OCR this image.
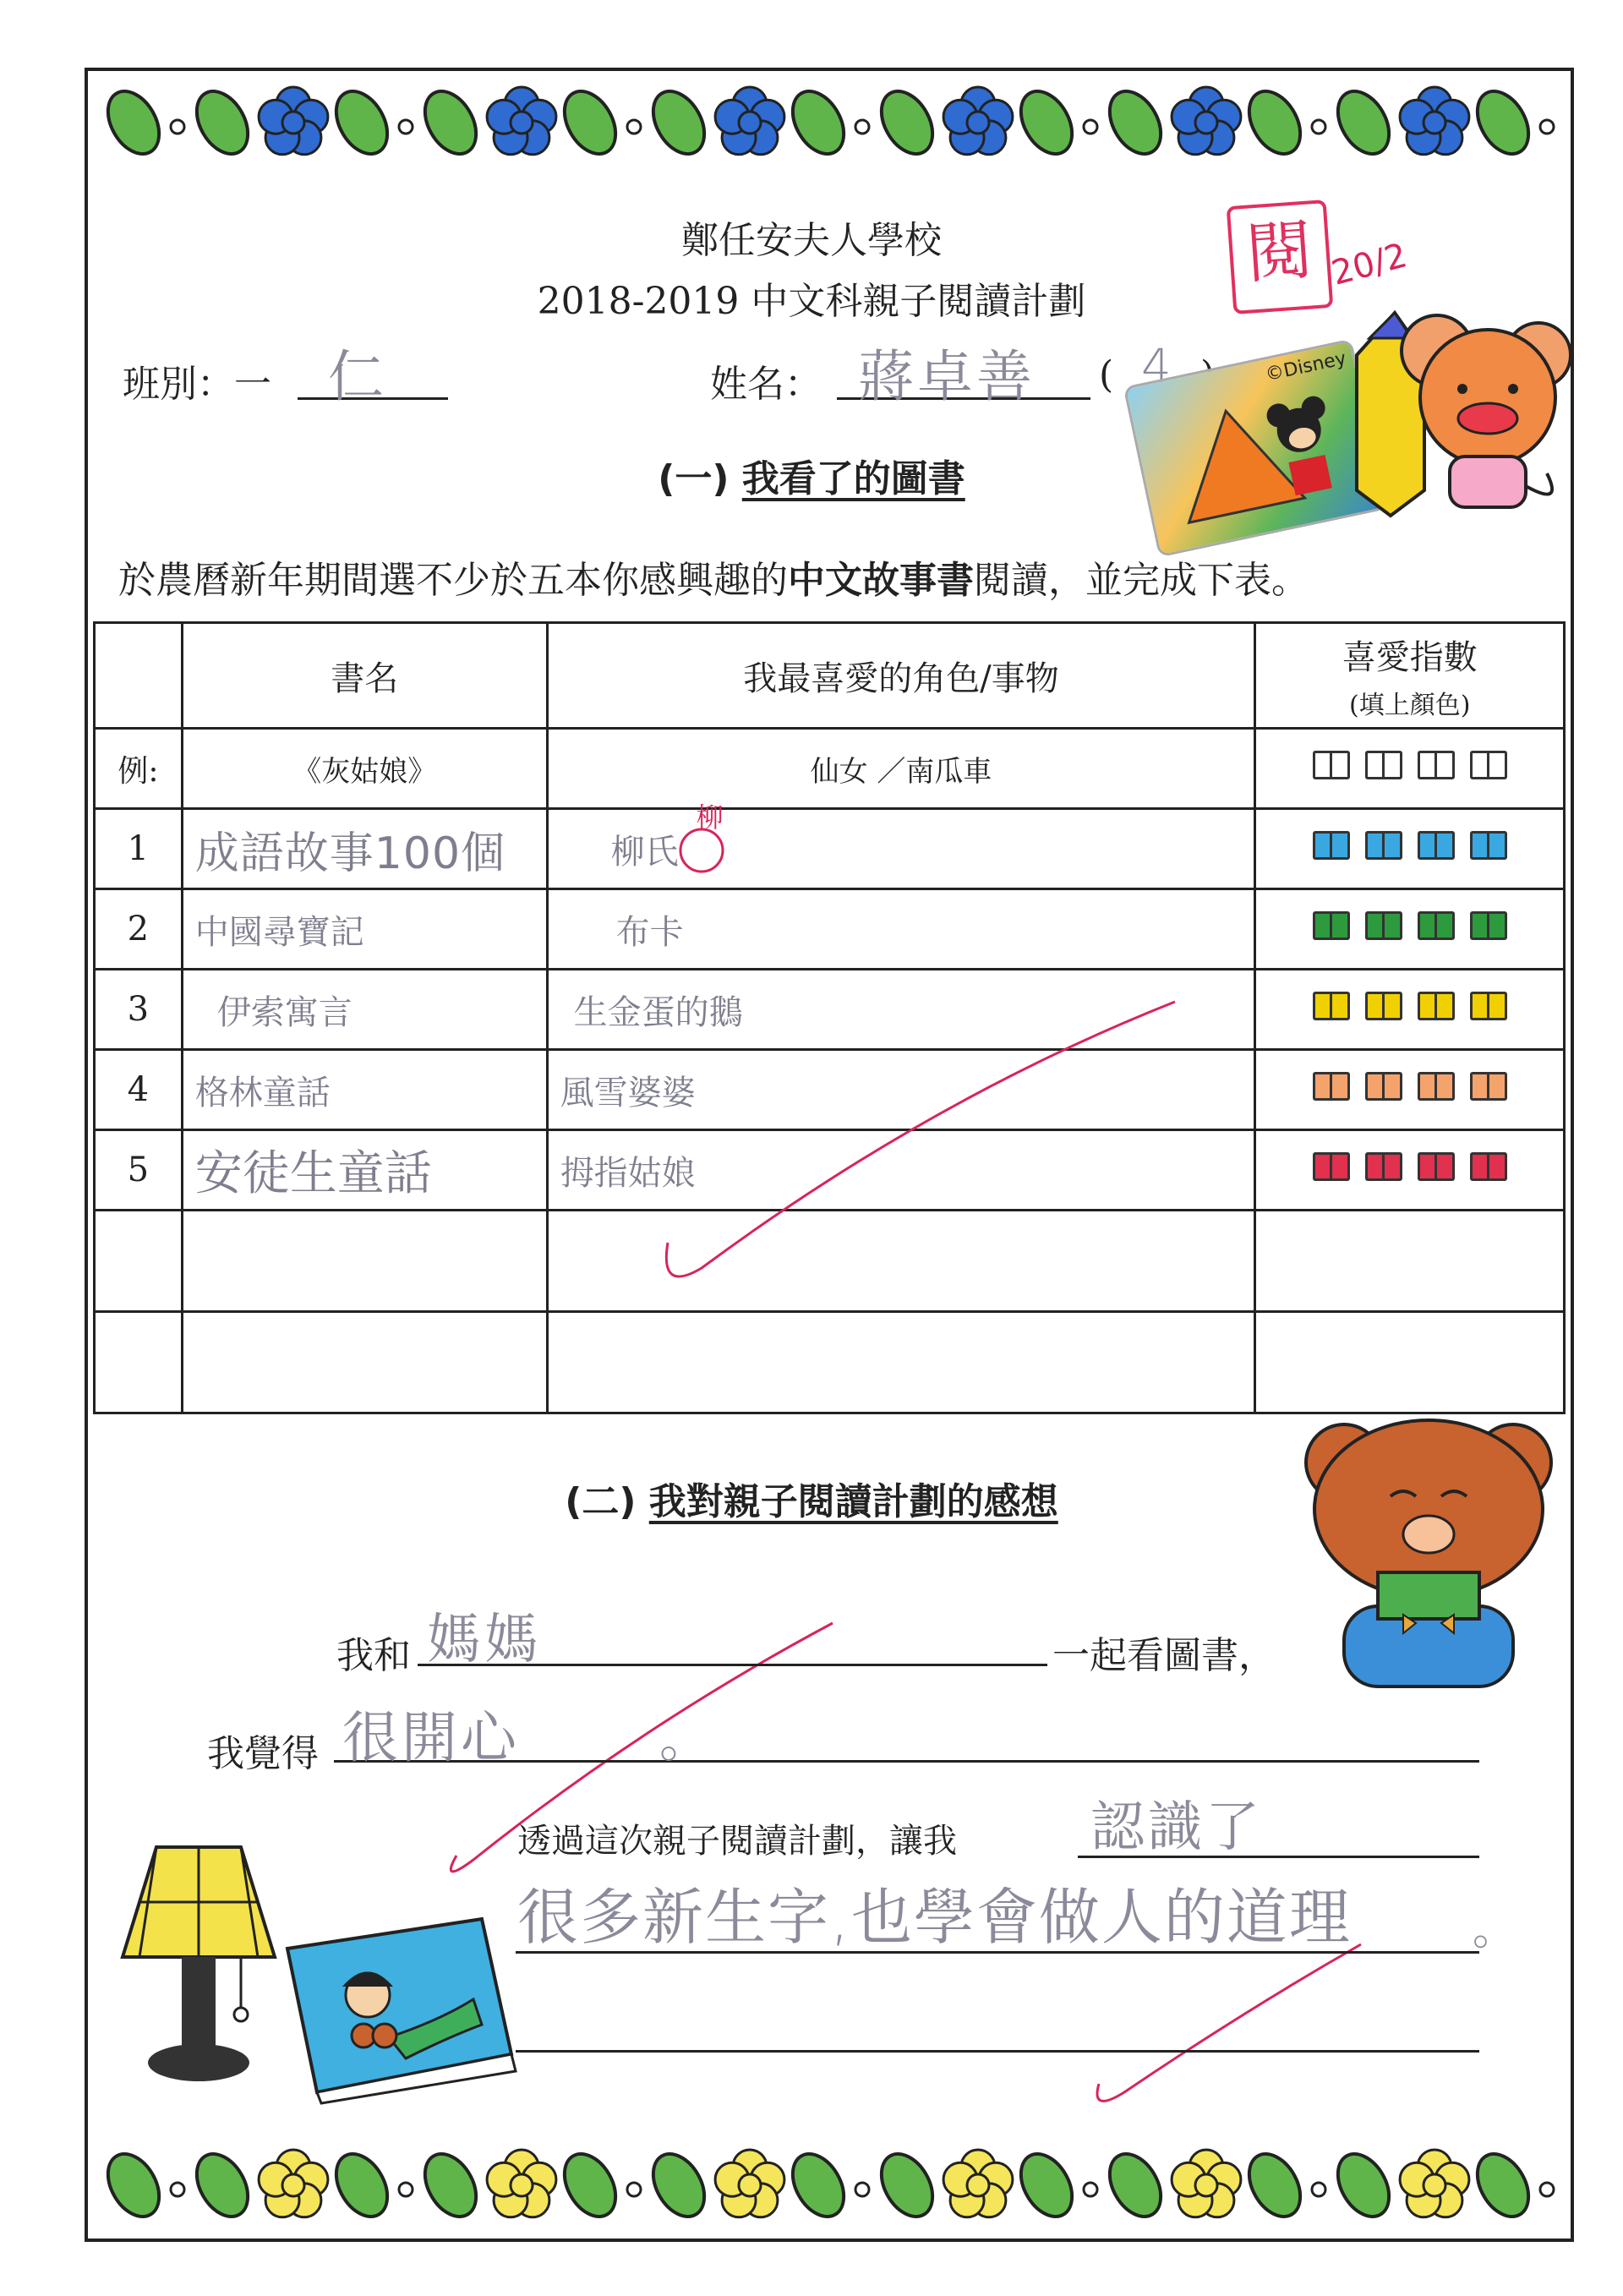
鄭任安夫人學校
2018-2019 中文科親子閱讀計劃
閱 20/2
班別：一 仁	姓名： 蔣卓善 ( 4	©Disney
(一) 我看了的圖書
於農曆新年期間選不少於五本你感興趣的中文故事書閱讀，並完成下表。
	書名	我最喜愛的角色/事物	喜愛指數
(填上顏色)

例:	《灰姑娘》	仙女 ／南瓜車	

1	成語故事100個	柳氏
柳	

2	中國尋寶記	布卡	

3	伊索寓言	生金蛋的鵝	

4	格林童話	風雪婆婆	

5	安徒生童話	拇指姑娘	

(二) 我對親子閱讀計劃的感想
我和 媽媽	一起看圖書，
我覺得 很開心	。
透過這次親子閱讀計劃，讓我 認識了
很多新生字,也學會做人的道理	。
